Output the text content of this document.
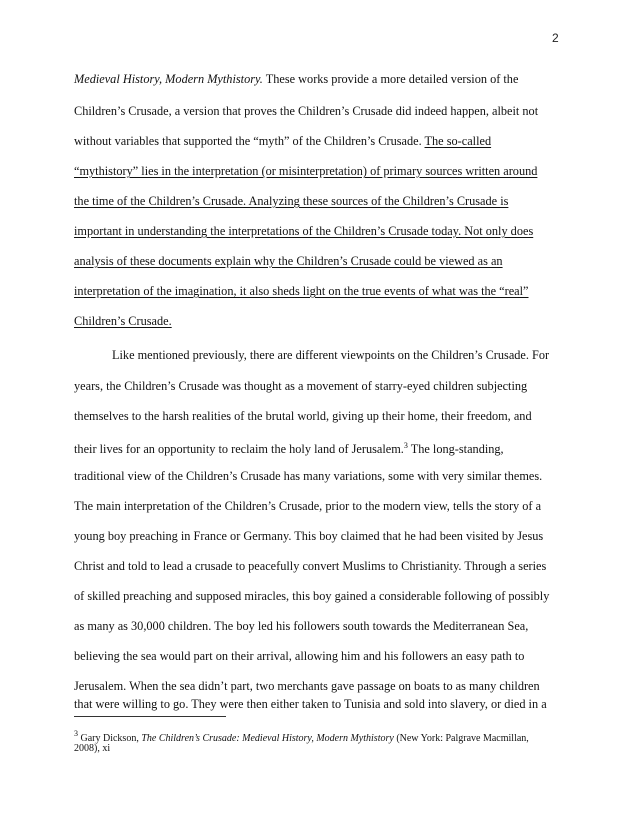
2
Medieval History, Modern Mythistory. These works provide a more detailed version of the
Children’s Crusade, a version that proves the Children’s Crusade did indeed happen, albeit not
without variables that supported the “myth” of the Children’s Crusade. The so-called
“mythistory” lies in the interpretation (or misinterpretation) of primary sources written around
the time of the Children’s Crusade. Analyzing these sources of the Children’s Crusade is
important in understanding the interpretations of the Children’s Crusade today. Not only does
analysis of these documents explain why the Children’s Crusade could be viewed as an
interpretation of the imagination, it also sheds light on the true events of what was the “real”
Children’s Crusade.
Like mentioned previously, there are different viewpoints on the Children’s Crusade. For
years, the Children’s Crusade was thought as a movement of starry-eyed children subjecting
themselves to the harsh realities of the brutal world, giving up their home, their freedom, and
their lives for an opportunity to reclaim the holy land of Jerusalem.$^3$ The long-standing,
traditional view of the Children’s Crusade has many variations, some with very similar themes.
The main interpretation of the Children’s Crusade, prior to the modern view, tells the story of a
young boy preaching in France or Germany. This boy claimed that he had been visited by Jesus
Christ and told to lead a crusade to peacefully convert Muslims to Christianity. Through a series
of skilled preaching and supposed miracles, this boy gained a considerable following of possibly
as many as 30,000 children. The boy led his followers south towards the Mediterranean Sea,
believing the sea would part on their arrival, allowing him and his followers an easy path to
Jerusalem. When the sea didn’t part, two merchants gave passage on boats to as many children
that were willing to go. They were then either taken to Tunisia and sold into slavery, or died in a
$^3$ Gary Dickson, The Children’s Crusade: Medieval History, Modern Mythistory (New York: Palgrave Macmillan,
2008), xi
